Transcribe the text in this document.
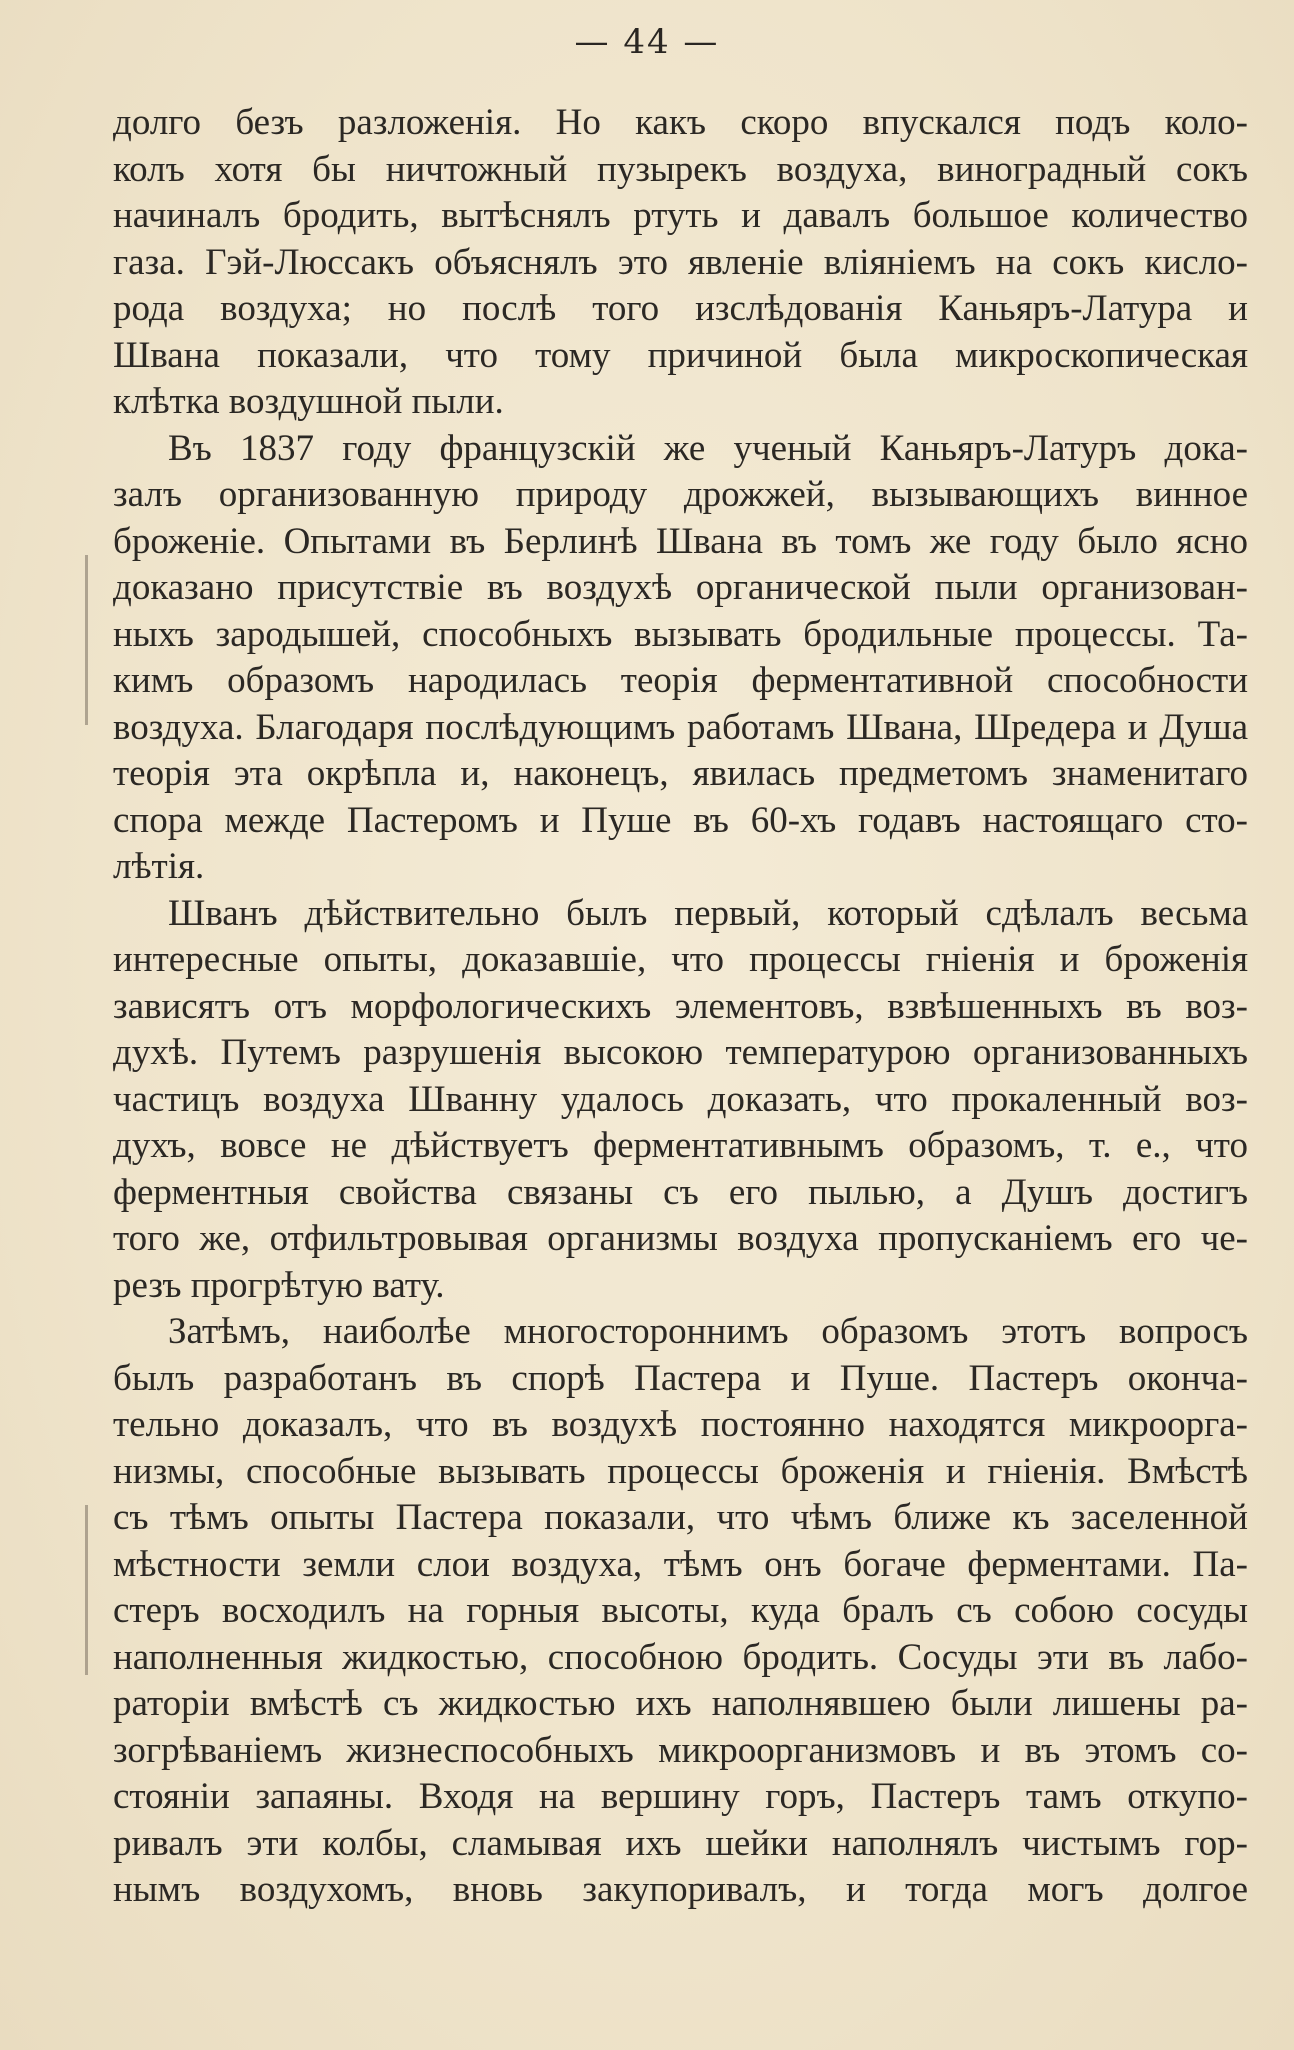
— 44 —
долго безъ разложенія. Но какъ скоро впускался подъ коло-
колъ хотя бы ничтожный пузырекъ воздуха, виноградный сокъ
начиналъ бродить, вытѣснялъ ртуть и давалъ большое количество
газа. Гэй-Люссакъ объяснялъ это явленіе вліяніемъ на сокъ кисло-
рода воздуха; но послѣ того изслѣдованія Каньяръ-Латура и
Швана показали, что тому причиной была микроскопическая
клѣтка воздушной пыли.
Въ 1837 году французскій же ученый Каньяръ-Латуръ дока-
залъ организованную природу дрожжей, вызывающихъ винное
броженіе. Опытами въ Берлинѣ Швана въ томъ же году было ясно
доказано присутствіе въ воздухѣ органической пыли организован-
ныхъ зародышей, способныхъ вызывать бродильные процессы. Та-
кимъ образомъ народилась теорія ферментативной способности
воздуха. Благодаря послѣдующимъ работамъ Швана, Шредера и Душа
теорія эта окрѣпла и, наконецъ, явилась предметомъ знаменитаго
спора межде Пастеромъ и Пуше въ 60-хъ годавъ настоящаго сто-
лѣтія.
Шванъ дѣйствительно былъ первый, который сдѣлалъ весьма
интересные опыты, доказавшіе, что процессы гніенія и броженія
зависятъ отъ морфологическихъ элементовъ, взвѣшенныхъ въ воз-
духѣ. Путемъ разрушенія высокою температурою организованныхъ
частицъ воздуха Шванну удалось доказать, что прокаленный воз-
духъ, вовсе не дѣйствуетъ ферментативнымъ образомъ, т. е., что
ферментныя свойства связаны съ его пылью, а Душъ достигъ
того же, отфильтровывая организмы воздуха пропусканіемъ его че-
резъ прогрѣтую вату.
Затѣмъ, наиболѣе многостороннимъ образомъ этотъ вопросъ
былъ разработанъ въ спорѣ Пастера и Пуше. Пастеръ оконча-
тельно доказалъ, что въ воздухѣ постоянно находятся микроорга-
низмы, способные вызывать процессы броженія и гніенія. Вмѣстѣ
съ тѣмъ опыты Пастера показали, что чѣмъ ближе къ заселенной
мѣстности земли слои воздуха, тѣмъ онъ богаче ферментами. Па-
стеръ восходилъ на горныя высоты, куда бралъ съ собою сосуды
наполненныя жидкостью, способною бродить. Сосуды эти въ лабо-
раторіи вмѣстѣ съ жидкостью ихъ наполнявшею были лишены ра-
зогрѣваніемъ жизнеспособныхъ микроорганизмовъ и въ этомъ со-
стояніи запаяны. Входя на вершину горъ, Пастеръ тамъ откупо-
ривалъ эти колбы, сламывая ихъ шейки наполнялъ чистымъ гор-
нымъ воздухомъ, вновь закупоривалъ, и тогда могъ долгое
